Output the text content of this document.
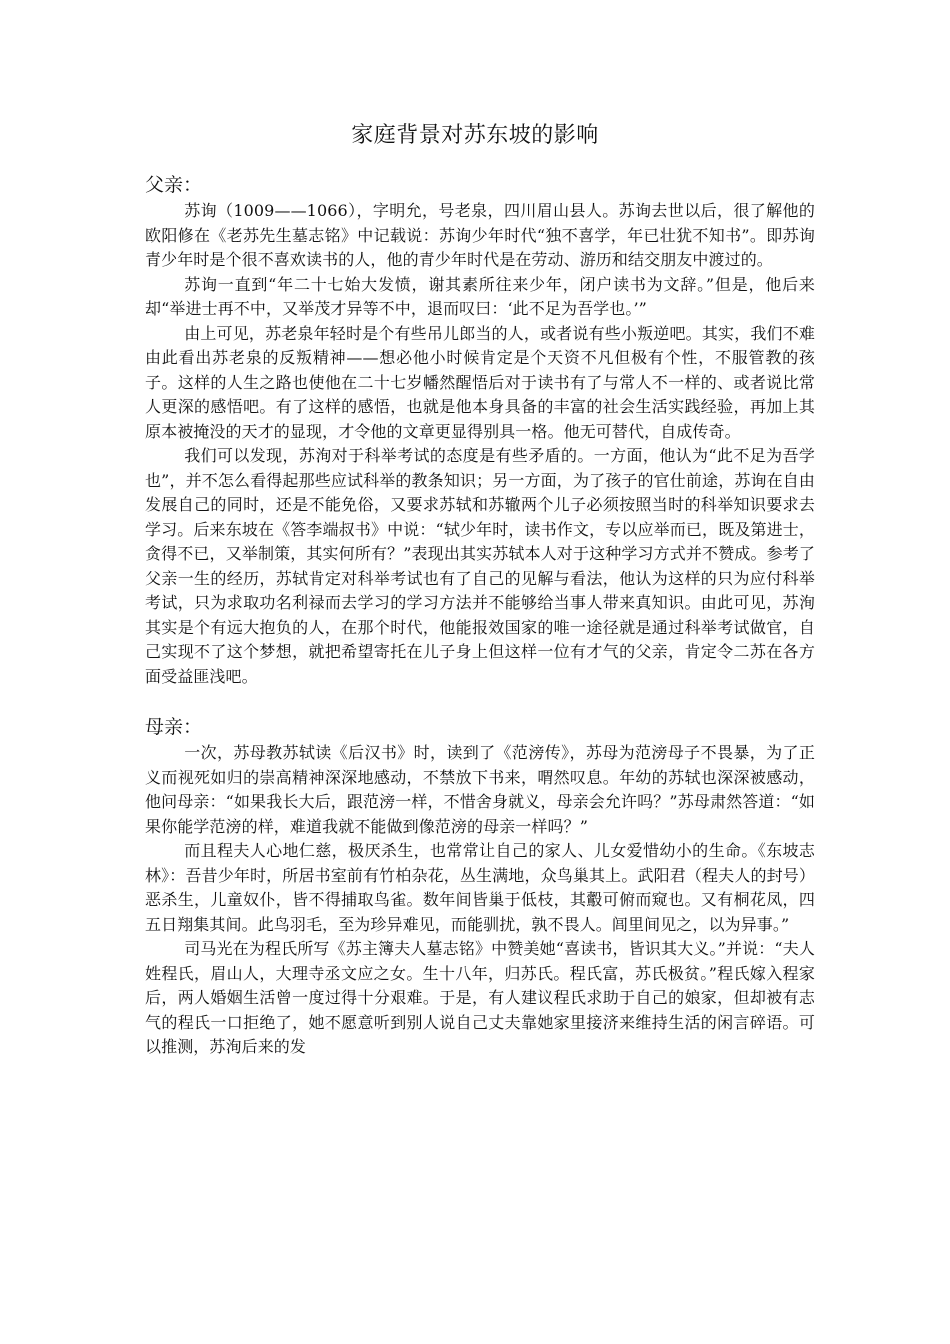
家庭背景对苏东坡的影响
父亲：

苏询（1009——1066），字明允，号老泉，四川眉山县人。苏询去世以后，很了解他的欧阳修在《老苏先生墓志铭》中记载说：苏询少年时代“独不喜学，年已壮犹不知书”。即苏询青少年时是个很不喜欢读书的人，他的青少年时代是在劳动、游历和结交朋友中渡过的。

苏询一直到“年二十七始大发愤，谢其素所往来少年，闭户读书为文辞。”但是，他后来却“举进士再不中，又举茂才异等不中，退而叹曰：‘此不足为吾学也。’”

由上可见，苏老泉年轻时是个有些吊儿郎当的人，或者说有些小叛逆吧。其实，我们不难由此看出苏老泉的反叛精神——想必他小时候肯定是个天资不凡但极有个性，不服管教的孩子。这样的人生之路也使他在二十七岁幡然醒悟后对于读书有了与常人不一样的、或者说比常人更深的感悟吧。有了这样的感悟，也就是他本身具备的丰富的社会生活实践经验，再加上其原本被掩没的天才的显现，才令他的文章更显得别具一格。他无可替代，自成传奇。

我们可以发现，苏洵对于科举考试的态度是有些矛盾的。一方面，他认为“此不足为吾学也”，并不怎么看得起那些应试科举的教条知识；另一方面，为了孩子的官仕前途，苏询在自由发展自己的同时，还是不能免俗，又要求苏轼和苏辙两个儿子必须按照当时的科举知识要求去学习。后来东坡在《答李端叔书》中说：“轼少年时，读书作文，专以应举而已，既及第进士，贪得不已，又举制策，其实何所有？”表现出其实苏轼本人对于这种学习方式并不赞成。参考了父亲一生的经历，苏轼肯定对科举考试也有了自己的见解与看法，他认为这样的只为应付科举考试，只为求取功名利禄而去学习的学习方法并不能够给当事人带来真知识。由此可见，苏洵其实是个有远大抱负的人，在那个时代，他能报效国家的唯一途径就是通过科举考试做官，自己实现不了这个梦想，就把希望寄托在儿子身上但这样一位有才气的父亲，肯定令二苏在各方面受益匪浅吧。

母亲：

一次，苏母教苏轼读《后汉书》时，读到了《范滂传》，苏母为范滂母子不畏暴，为了正义而视死如归的崇高精神深深地感动，不禁放下书来，喟然叹息。年幼的苏轼也深深被感动，他问母亲：“如果我长大后，跟范滂一样，不惜舍身就义，母亲会允许吗？”苏母肃然答道：“如果你能学范滂的样，难道我就不能做到像范滂的母亲一样吗？”

而且程夫人心地仁慈，极厌杀生，也常常让自己的家人、儿女爱惜幼小的生命。《东坡志林》：吾昔少年时，所居书室前有竹柏杂花，丛生满地，众鸟巢其上。武阳君（程夫人的封号）恶杀生，儿童奴仆，皆不得捕取鸟雀。数年间皆巢于低枝，其鷇可俯而窥也。又有桐花凤，四五日翔集其间。此鸟羽毛，至为珍异难见，而能驯扰，孰不畏人。闾里间见之，以为异事。”

司马光在为程氏所写《苏主簿夫人墓志铭》中赞美她“喜读书，皆识其大义。”并说：“夫人姓程氏，眉山人，大理寺丞文应之女。生十八年，归苏氏。程氏富，苏氏极贫。”程氏嫁入程家后，两人婚姻生活曾一度过得十分艰难。于是，有人建议程氏求助于自己的娘家，但却被有志气的程氏一口拒绝了，她不愿意听到别人说自己丈夫靠她家里接济来维持生活的闲言碎语。可以推测，苏洵后来的发
